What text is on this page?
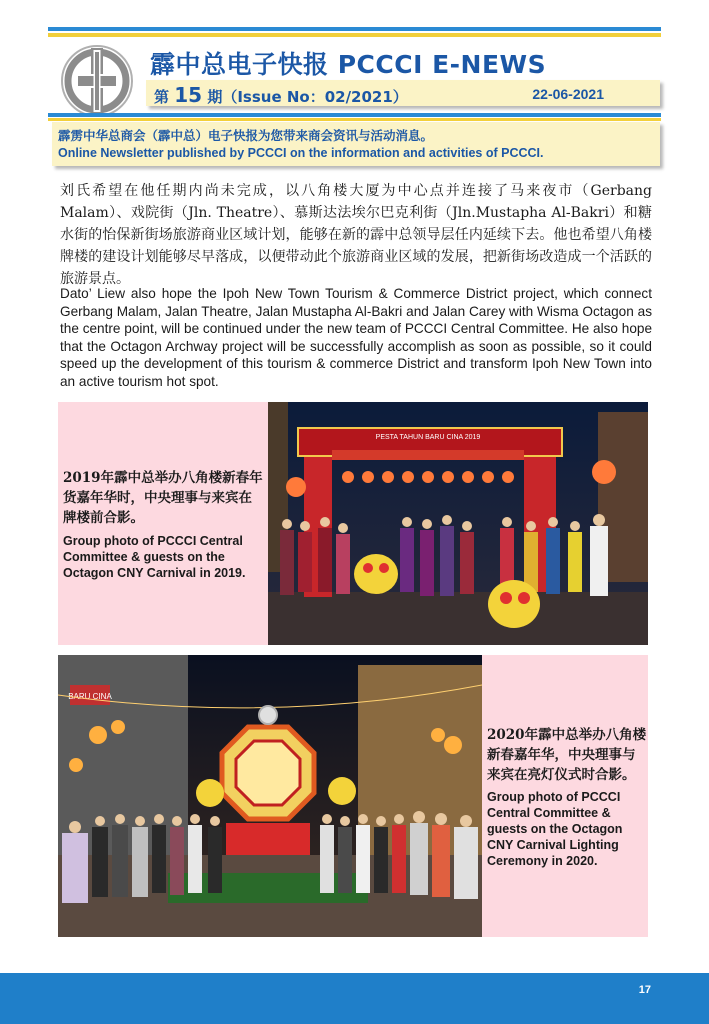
霹中总电子快报 PCCCI E-NEWS
第 15 期（Issue No：02/2021）	22-06-2021
霹雳中华总商会（霹中总）电子快报为您带来商会资讯与活动消息。
Online Newsletter published by PCCCI on the information and activities of PCCCI.
刘氏希望在他任期内尚未完成，以八角楼大厦为中心点并连接了马来夜市（Gerbang Malam）、戏院街（Jln. Theatre）、慕斯达法埃尔巴克利街（Jln.Mustapha Al-Bakri）和糖水街的怡保新街场旅游商业区域计划，能够在新的霹中总领导层任内延续下去。他也希望八角楼牌楼的建设计划能够尽早落成，以便带动此个旅游商业区域的发展，把新街场改造成一个活跃的旅游景点。
Dato’ Liew also hope the Ipoh New Town Tourism & Commerce District project, which connect Gerbang Malam, Jalan Theatre, Jalan Mustapha Al-Bakri and Jalan Carey with Wisma Octagon as the centre point, will be continued under the new team of PCCCI Central Committee. He also hope that the Octagon Archway project will be successfully accomplish as soon as possible, so it could speed up the development of this tourism & commerce District and transform Ipoh New Town into an active tourism hot spot.
2019年霹中总举办八角楼新春年货嘉年华时，中央理事与来宾在牌楼前合影。
Group photo of PCCCI Central Committee & guests on the Octagon CNY Carnival in 2019.
PESTA TAHUN BARU CINA 2019
BARU CINA
2020年霹中总举办八角楼新春嘉年华，中央理事与来宾在亮灯仪式时合影。
Group photo of PCCCI Central Committee & guests on the Octagon CNY Carnival Lighting Ceremony in 2020.
17
